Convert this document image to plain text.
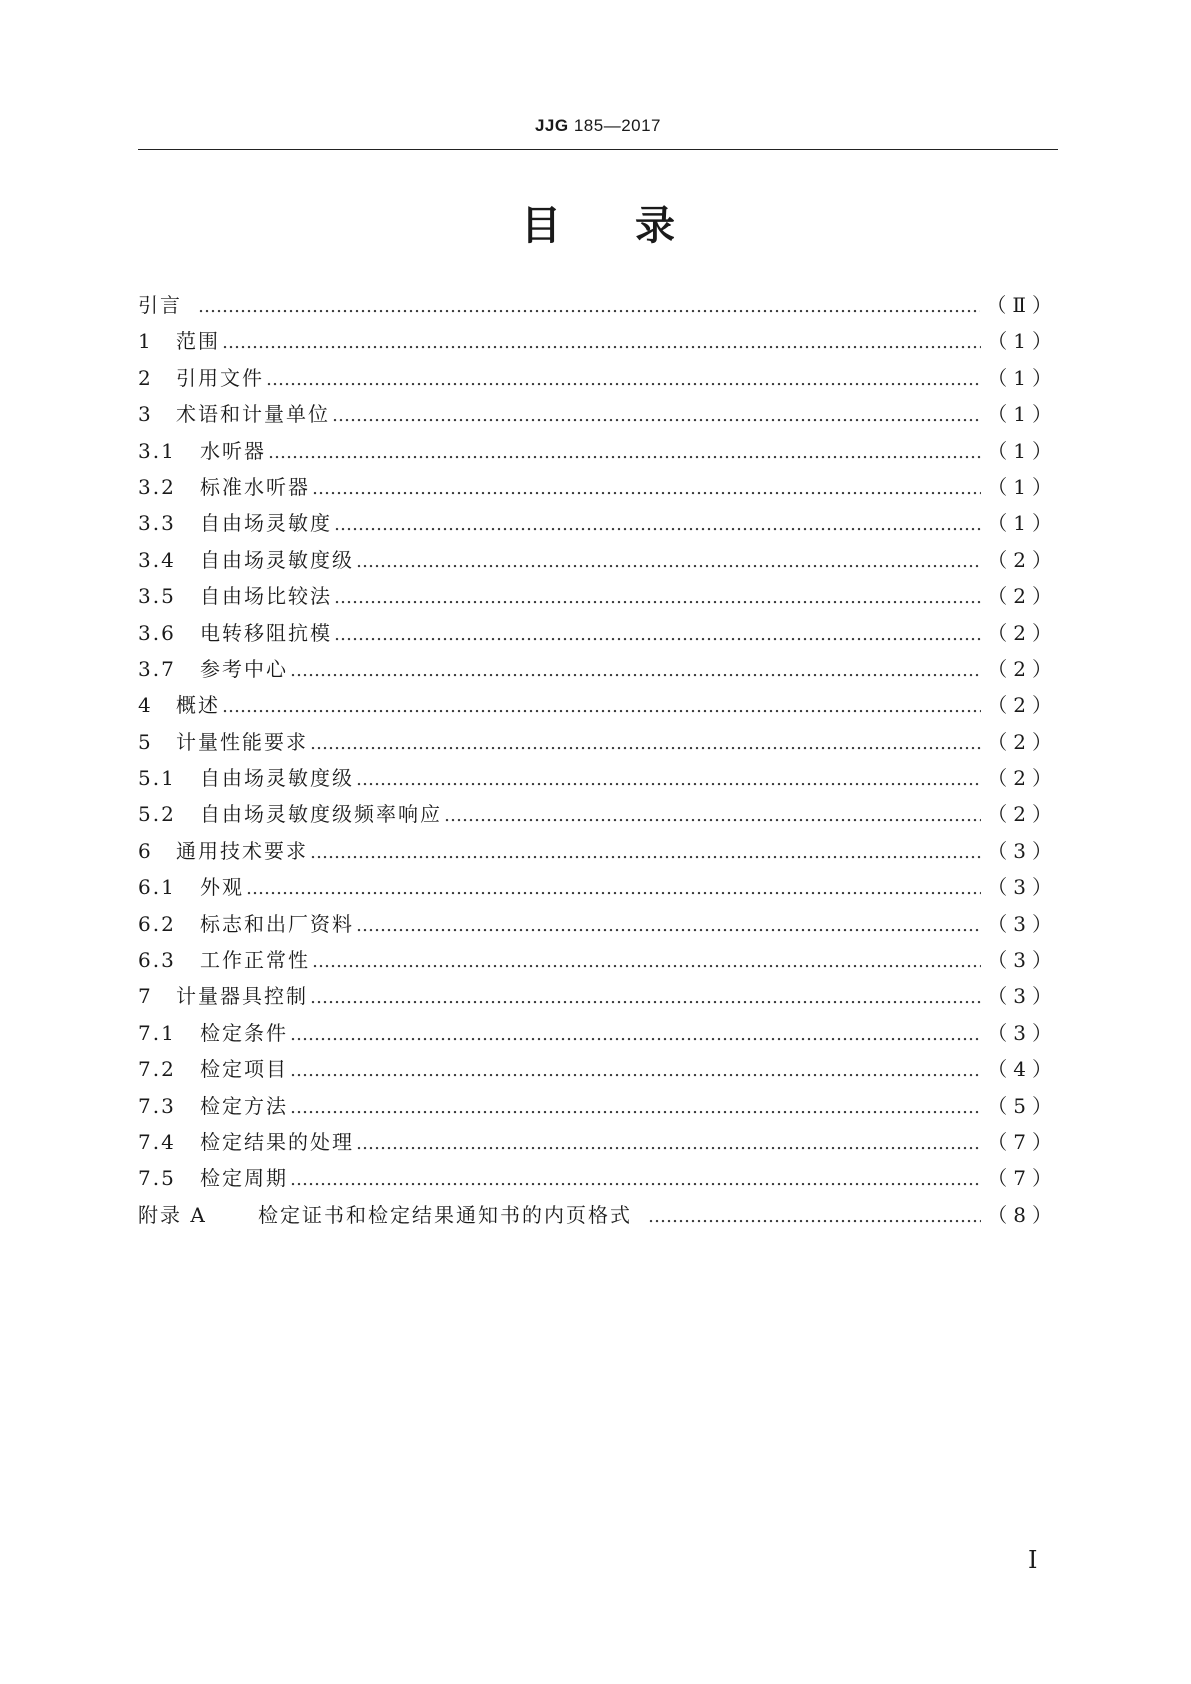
JJG 185—2017
目 录
引言 …………………………………………………………………………………………………………………………………………………………………………………………	（Ⅱ）
1	范围 …………………………………………………………………………………………………………………………………………………………………………………………	（1）
2	引用文件 …………………………………………………………………………………………………………………………………………………………………………………………	（1）
3	术语和计量单位 …………………………………………………………………………………………………………………………………………………………………………………………	（1）
3.1	水听器 …………………………………………………………………………………………………………………………………………………………………………………………	（1）
3.2	标准水听器 …………………………………………………………………………………………………………………………………………………………………………………………	（1）
3.3	自由场灵敏度 …………………………………………………………………………………………………………………………………………………………………………………………	（1）
3.4	自由场灵敏度级 …………………………………………………………………………………………………………………………………………………………………………………………	（2）
3.5	自由场比较法 …………………………………………………………………………………………………………………………………………………………………………………………	（2）
3.6	电转移阻抗模 …………………………………………………………………………………………………………………………………………………………………………………………	（2）
3.7	参考中心 …………………………………………………………………………………………………………………………………………………………………………………………	（2）
4	概述 …………………………………………………………………………………………………………………………………………………………………………………………	（2）
5	计量性能要求 …………………………………………………………………………………………………………………………………………………………………………………………	（2）
5.1	自由场灵敏度级 …………………………………………………………………………………………………………………………………………………………………………………………	（2）
5.2	自由场灵敏度级频率响应 …………………………………………………………………………………………………………………………………………………………………………………………	（2）
6	通用技术要求 …………………………………………………………………………………………………………………………………………………………………………………………	（3）
6.1	外观 …………………………………………………………………………………………………………………………………………………………………………………………	（3）
6.2	标志和出厂资料 …………………………………………………………………………………………………………………………………………………………………………………………	（3）
6.3	工作正常性 …………………………………………………………………………………………………………………………………………………………………………………………	（3）
7	计量器具控制 …………………………………………………………………………………………………………………………………………………………………………………………	（3）
7.1	检定条件 …………………………………………………………………………………………………………………………………………………………………………………………	（3）
7.2	检定项目 …………………………………………………………………………………………………………………………………………………………………………………………	（4）
7.3	检定方法 …………………………………………………………………………………………………………………………………………………………………………………………	（5）
7.4	检定结果的处理 …………………………………………………………………………………………………………………………………………………………………………………………	（7）
7.5	检定周期 …………………………………………………………………………………………………………………………………………………………………………………………	（7）
附录 A	检定证书和检定结果通知书的内页格式 …………………………………………………………………………………………………………………………………………………………………………………………	（8）
Ⅰ
